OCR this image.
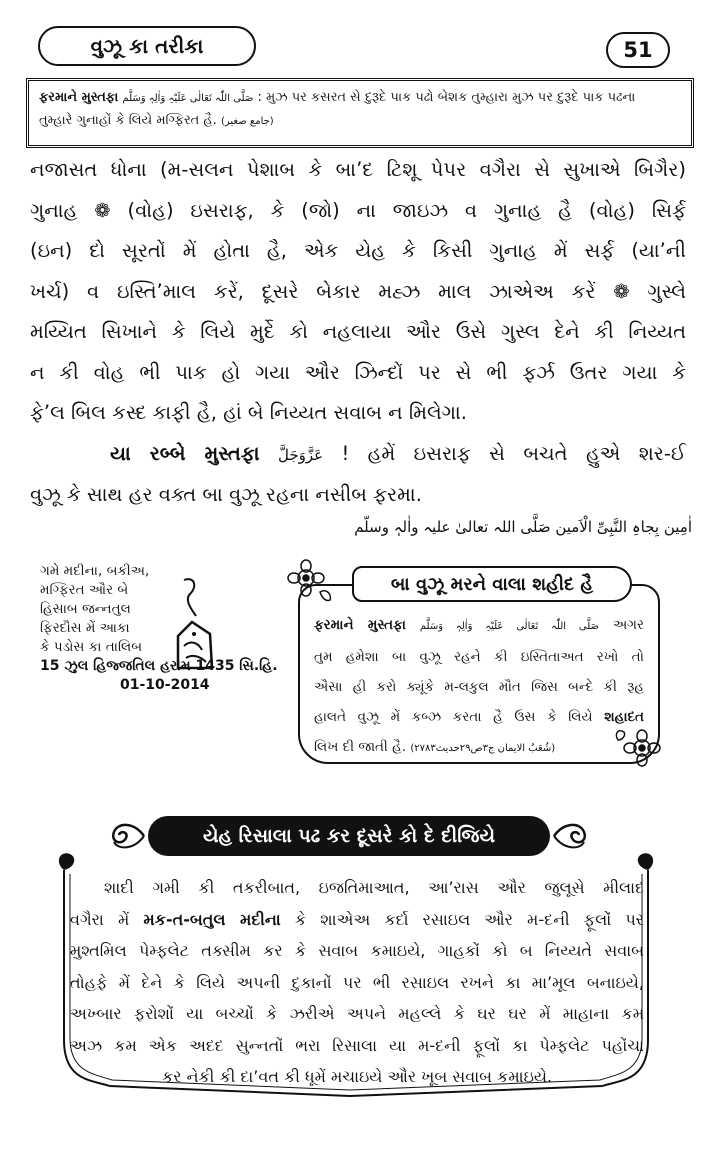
વુઝૂ કા તરીકા	51
ફરમાને મુસ્તફા صَلَّی اللّٰہ تَعَالٰی عَلَیْہِ وَاٰلِہٖ وَسَلَّم : મુઝ પર કસરત સે દુરૂદે પાક પઢો બેશક તુમ્હારા મુઝ પર દુરૂદે પાક પઢના
તુમ્હારે ગુનાહોં કે લિયે મગ્ફિરત હૈ. (جامع صغیر)

નજાસત ધોના (મ-સલન પેશાબ કે બા’દ ટિશૂ પેપર વગૈરા સે સુખાએ બિગૈર)

ગુનાહ ❁ (વોહ) ઇસરાફ, કે (જો) ના જાઇઝ વ ગુનાહ હૈ (વોહ) સિર્ફ

(ઇન) દો સૂરતોં મેં હોતા હૈ, એક યેહ કે કિસી ગુનાહ મેં સર્ફ (યા’ની

ખર્ચ) વ ઇસ્તિ’માલ કરેં, દૂસરે બેકાર મહ્ઝ માલ ઝાએઅ કરેં ❁ ગુસ્લે

મય્યિત સિખાને કે લિયે મુર્દે કો નહલાયા ઔર ઉસે ગુસ્લ દેને કી નિય્યત

ન કી વોહ ભી પાક હો ગયા ઔર ઝિન્દોં પર સે ભી ફર્ઝ ઉતર ગયા કે

ફે’લ બિલ કસ્દ કાફી હૈ, હાં બે નિય્યત સવાબ ન મિલેગા.

યા રબ્બે મુસ્તફા عَزَّوَجَلَّ ! હમેં ઇસરાફ સે બચતે હુએ શર-ઈ

વુઝૂ કે સાથ હર વક્ત બા વુઝૂ રહના નસીબ ફરમા.

اٰمِین بِجاہِ النَّبِیِّ الْاَمین صَلَّی اللہ تعالیٰ علیہ واٰلہٖ وسلّم
ગમે મદીના, બકીઅ,
મગ્ફિરત ઔર બે
હિસાબ જન્નતુલ
ફિરદૌસ મેં આકા
કે પડોસ કા તાલિબ
15 ઝુલ હિજ્જતિલ હરામ 1435 સિ.હિ.
01-10-2014

ફરમાને મુસ્તફા صَلَّی اللّٰہ تَعَالٰی عَلَیْہِ وَاٰلِہٖ وَسَلَّم અગર

તુમ હમેશા બા વુઝૂ રહને કી ઇસ્તિતાઅત રખો તો

ઐસા હી કરો ક્યૂંકે મ-લકુલ મૌત જિસ બન્દે કી રૂહ

હાલતે વુઝૂ મેં કબ્ઝ કરતા હૈ ઉસ કે લિયે શહાદત

લિખ દી જાતી હૈ. (شُعَبُ الایمان ج۳ص۲۹حدیث۲۷۸۳)

બા વુઝૂ મરને વાલા શહીદ હૈ
યેહ રિસાલા પઢ કર દૂસરે કો દે દીજિયે

શાદી ગમી કી તકરીબાત, ઇજતિમાઆત, આ’રાસ ઔર જુલૂસે મીલાદ

વગૈરા મેં મક-ત-બતુલ મદીના કે શાએઅ કર્દા રસાઇલ ઔર મ-દની ફૂલોં પર

મુશ્તમિલ પેમ્ફલેટ તક્સીમ કર કે સવાબ કમાઇયે, ગાહકોં કો બ નિય્યતે સવાબ

તોહફે મેં દેને કે લિયે અપની દુકાનોં પર ભી રસાઇલ રખને કા મા’મૂલ બનાઇયે,

અખ્બાર ફરોશોં યા બચ્ચોં કે ઝરીએ અપને મહલ્લે કે ઘર ઘર મેં માહાના કમ

અઝ કમ એક અદદ સુન્નતોં ભરા રિસાલા યા મ-દની ફૂલોં કા પેમ્ફલેટ પહોંચા

કર નેકી કી દા’વત કી ધૂમેં મચાઇયે ઔર ખૂબ સવાબ કમાઇયે.
